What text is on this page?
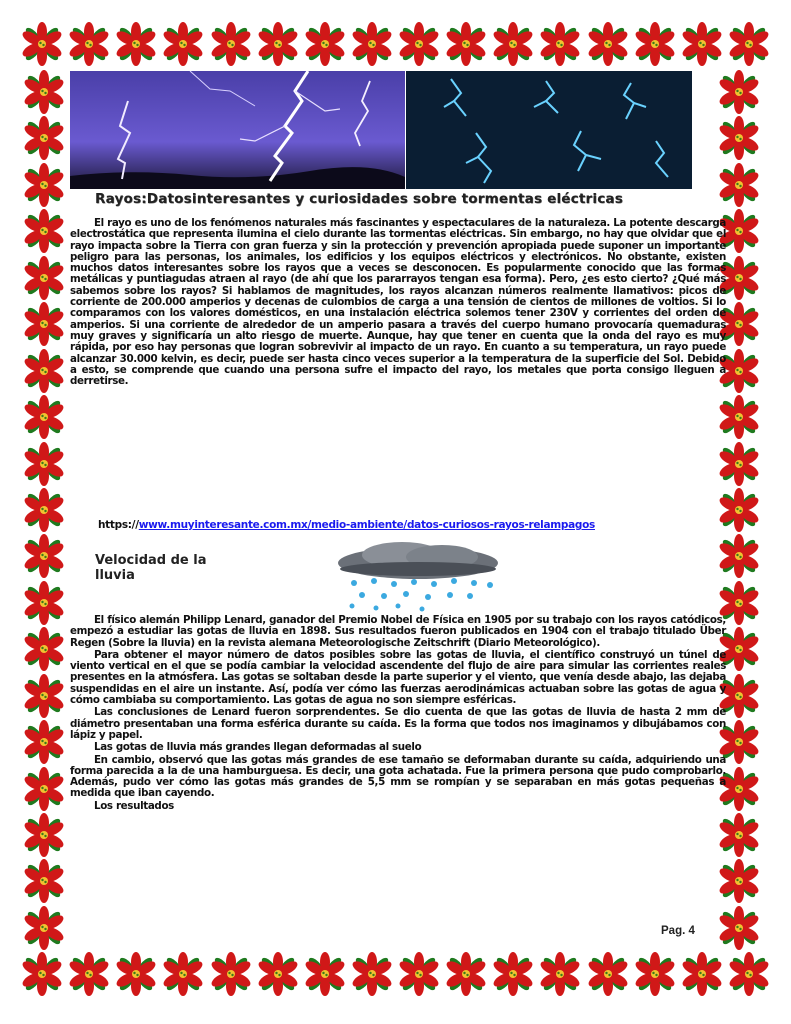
Rayos:Datosinteresantes y curiosidades sobre tormentas eléctricas

El rayo es uno de los fenómenos naturales más fascinantes y espectaculares de la naturaleza. La potente descarga electrostática que representa ilumina el cielo durante las tormentas eléctricas. Sin embargo, no hay que olvidar que el rayo impacta sobre la Tierra con gran fuerza y sin la protección y prevención apropiada puede suponer un importante peligro para las personas, los animales, los edificios y los equipos eléctricos y electrónicos. No obstante, existen muchos datos interesantes sobre los rayos que a veces se desconocen. Es popularmente conocido que las formas metálicas y puntiagudas atraen al rayo (de ahí que los pararrayos tengan esa forma). Pero, ¿es esto cierto? ¿Qué más sabemos sobre los rayos? Si hablamos de magnitudes, los rayos alcanzan números realmente llamativos: picos de corriente de 200.000 amperios y decenas de culombios de carga a una tensión de cientos de millones de voltios. Si lo comparamos con los valores domésticos, en una instalación eléctrica solemos tener 230V y corrientes del orden de amperios. Si una corriente de alrededor de un amperio pasara a través del cuerpo humano provocaría quemaduras muy graves y significaría un alto riesgo de muerte. Aunque, hay que tener en cuenta que la onda del rayo es muy rápida, por eso hay personas que logran sobrevivir al impacto de un rayo. En cuanto a su temperatura, un rayo puede alcanzar 30.000 kelvin, es decir, puede ser hasta cinco veces superior a la temperatura de la superficie del Sol. Debido a esto, se comprende que cuando una persona sufre el impacto del rayo, los metales que porta consigo lleguen a derretirse.

https://www.muyinteresante.com.mx/medio-ambiente/datos-curiosos-rayos-relampagos
Velocidad de la
lluvia

El físico alemán Philipp Lenard, ganador del Premio Nobel de Física en 1905 por su trabajo con los rayos catódicos, empezó a estudiar las gotas de lluvia en 1898. Sus resultados fueron publicados en 1904 con el trabajo titulado Über Regen (Sobre la lluvia) en la revista alemana Meteorologische Zeitschrift (Diario Meteorológico).

Para obtener el mayor número de datos posibles sobre las gotas de lluvia, el científico construyó un túnel de viento vertical en el que se podía cambiar la velocidad ascendente del flujo de aire para simular las corrientes reales presentes en la atmósfera. Las gotas se soltaban desde la parte superior y el viento, que venía desde abajo, las dejaba suspendidas en el aire un instante. Así, podía ver cómo las fuerzas aerodinámicas actuaban sobre las gotas de agua y cómo cambiaba su comportamiento. Las gotas de agua no son siempre esféricas.

Las conclusiones de Lenard fueron sorprendentes. Se dio cuenta de que las gotas de lluvia de hasta 2 mm de diámetro presentaban una forma esférica durante su caída. Es la forma que todos nos imaginamos y dibujábamos con lápiz y papel.

Las gotas de lluvia más grandes llegan deformadas al suelo

En cambio, observó que las gotas más grandes de ese tamaño se deformaban durante su caída, adquiriendo una forma parecida a la de una hamburguesa. Es decir, una gota achatada. Fue la primera persona que pudo comprobarlo. Además, pudo ver cómo las gotas más grandes de 5,5 mm se rompían y se separaban en más gotas pequeñas a medida que iban cayendo.

Los resultados

Pag. 4
